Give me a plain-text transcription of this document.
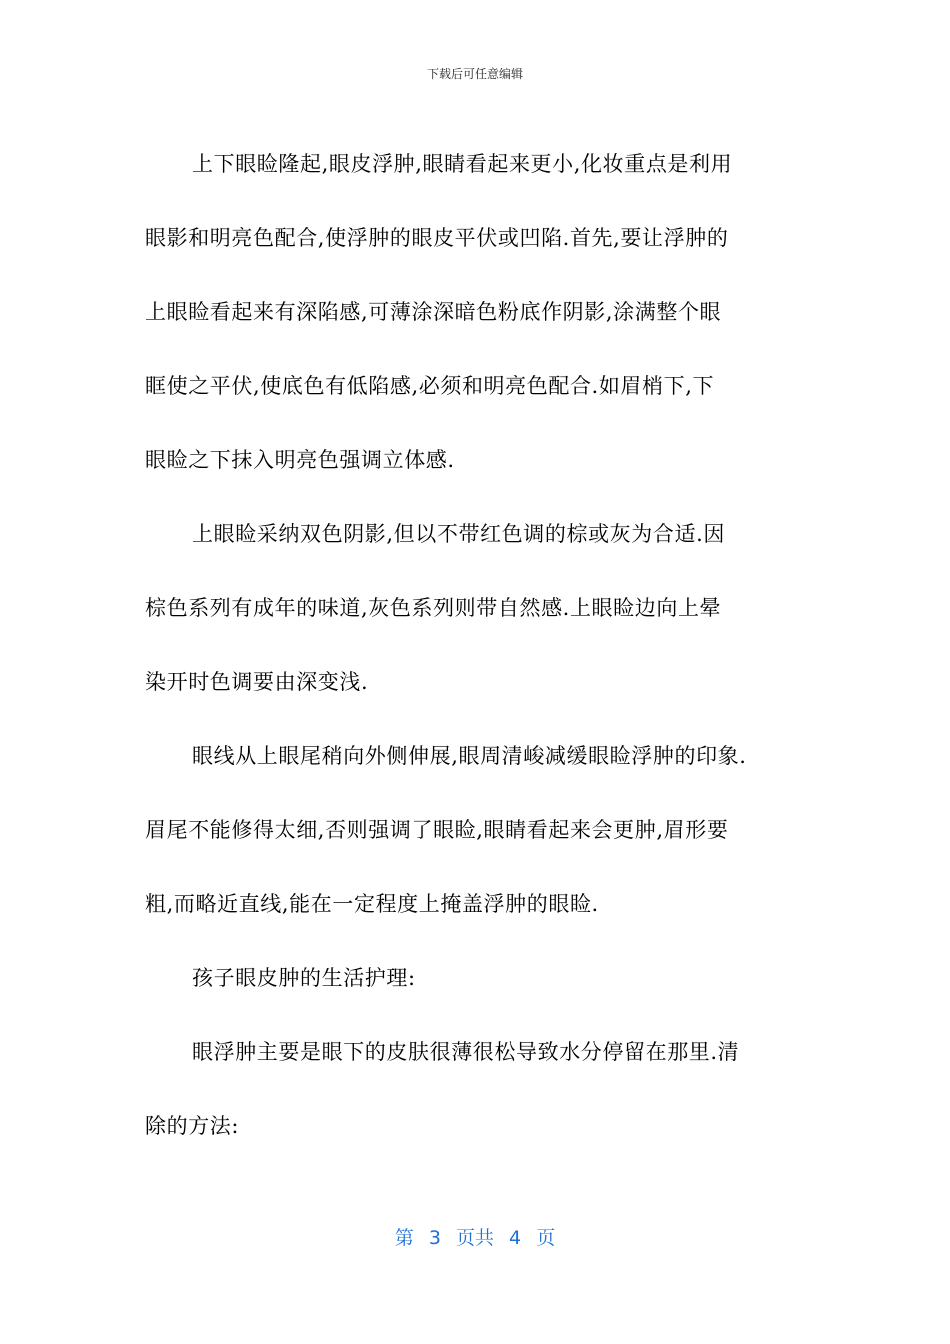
下载后可任意编辑

上下眼睑隆起,眼皮浮肿,眼睛看起来更小,化妆重点是利用
眼影和明亮色配合,使浮肿的眼皮平伏或凹陷.首先,要让浮肿的
上眼睑看起来有深陷感,可薄涂深暗色粉底作阴影,涂满整个眼
眶使之平伏,使底色有低陷感,必须和明亮色配合.如眉梢下,下
眼睑之下抹入明亮色强调立体感.

上眼睑采纳双色阴影,但以不带红色调的棕或灰为合适.因
棕色系列有成年的味道,灰色系列则带自然感.上眼睑边向上晕
染开时色调要由深变浅.

眼线从上眼尾稍向外侧伸展,眼周清峻减缓眼睑浮肿的印象.
眉尾不能修得太细,否则强调了眼睑,眼睛看起来会更肿,眉形要
粗,而略近直线,能在一定程度上掩盖浮肿的眼睑.

孩子眼皮肿的生活护理:

眼浮肿主要是眼下的皮肤很薄很松导致水分停留在那里.清
除的方法:

第 3 页共 4 页
